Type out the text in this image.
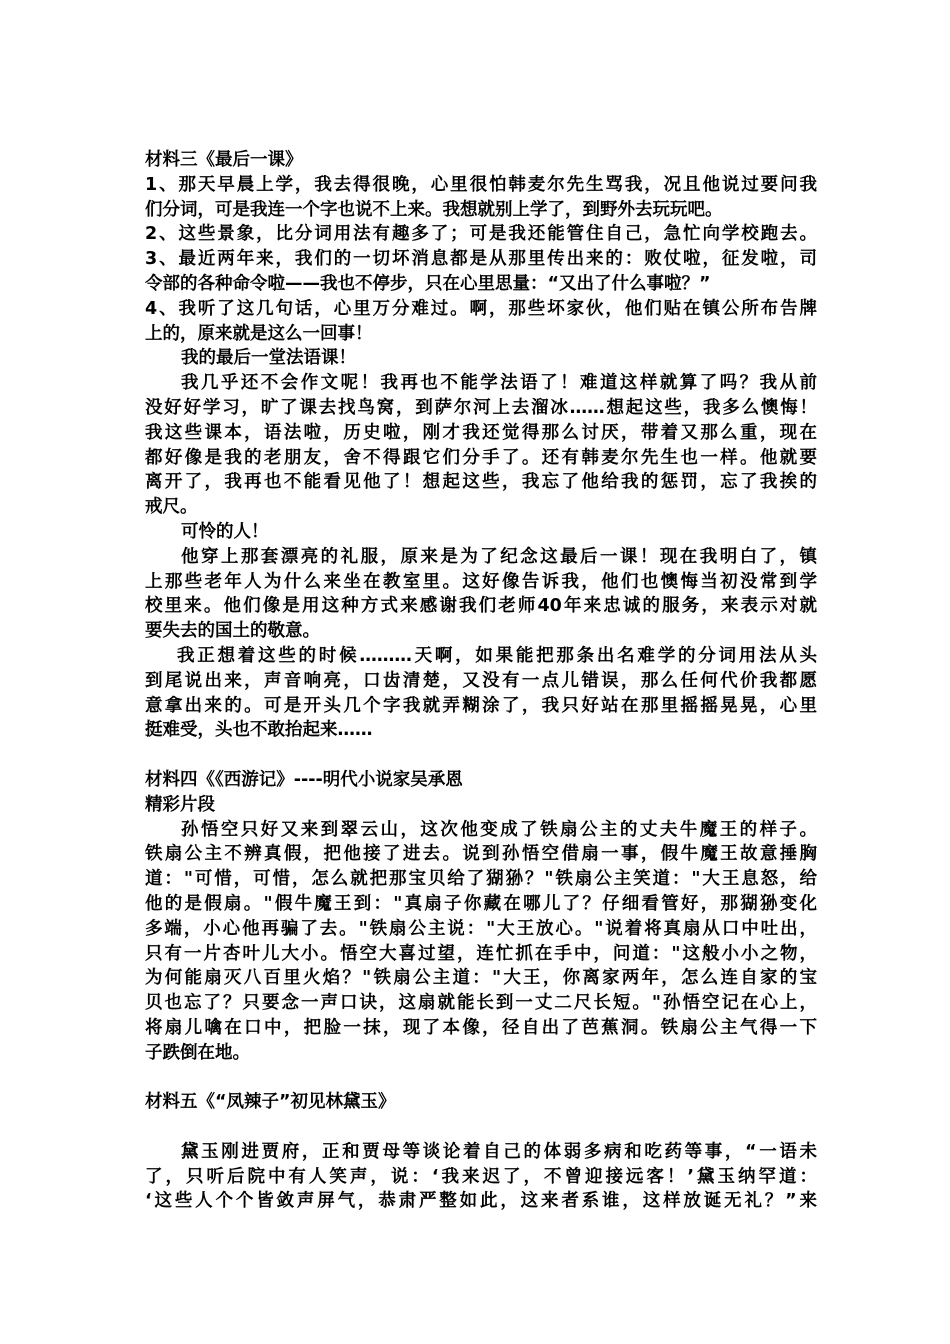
材料三《最后一课》
1、那天早晨上学，我去得很晚，心里很怕韩麦尔先生骂我，况且他说过要问我
们分词，可是我连一个字也说不上来。我想就别上学了，到野外去玩玩吧。
2、这些景象，比分词用法有趣多了；可是我还能管住自己，急忙向学校跑去。
3、最近两年来，我们的一切坏消息都是从那里传出来的：败仗啦，征发啦，司
令部的各种命令啦——我也不停步，只在心里思量：“又出了什么事啦？”
4、我听了这几句话，心里万分难过。啊，那些坏家伙，他们贴在镇公所布告牌
上的，原来就是这么一回事！
我的最后一堂法语课！
我几乎还不会作文呢！我再也不能学法语了！难道这样就算了吗？我从前
没好好学习，旷了课去找鸟窝，到萨尔河上去溜冰……想起这些，我多么懊悔！
我这些课本，语法啦，历史啦，刚才我还觉得那么讨厌，带着又那么重，现在
都好像是我的老朋友，舍不得跟它们分手了。还有韩麦尔先生也一样。他就要
离开了，我再也不能看见他了！想起这些，我忘了他给我的惩罚，忘了我挨的
戒尺。
可怜的人！
他穿上那套漂亮的礼服，原来是为了纪念这最后一课！现在我明白了，镇
上那些老年人为什么来坐在教室里。这好像告诉我，他们也懊悔当初没常到学
校里来。他们像是用这种方式来感谢我们老师40年来忠诚的服务，来表示对就
要失去的国土的敬意。
我正想着这些的时候………天啊，如果能把那条出名难学的分词用法从头
到尾说出来，声音响亮，口齿清楚，又没有一点儿错误，那么任何代价我都愿
意拿出来的。可是开头几个字我就弄糊涂了，我只好站在那里摇摇晃晃，心里
挺难受，头也不敢抬起来……
材料四《《西游记》----明代小说家吴承恩
精彩片段
孙悟空只好又来到翠云山，这次他变成了铁扇公主的丈夫牛魔王的样子。
铁扇公主不辨真假，把他接了进去。说到孙悟空借扇一事，假牛魔王故意捶胸
道："可惜，可惜，怎么就把那宝贝给了猢狲？"铁扇公主笑道："大王息怒，给
他的是假扇。"假牛魔王到："真扇子你藏在哪儿了？仔细看管好，那猢狲变化
多端，小心他再骗了去。"铁扇公主说："大王放心。"说着将真扇从口中吐出，
只有一片杏叶儿大小。悟空大喜过望，连忙抓在手中，问道："这般小小之物，
为何能扇灭八百里火焰？"铁扇公主道："大王，你离家两年，怎么连自家的宝
贝也忘了？只要念一声口诀，这扇就能长到一丈二尺长短。"孙悟空记在心上，
将扇儿噙在口中，把脸一抹，现了本像，径自出了芭蕉洞。铁扇公主气得一下
子跌倒在地。
材料五《“凤辣子”初见林黛玉》
黛玉刚进贾府，正和贾母等谈论着自己的体弱多病和吃药等事，“一语未
了，只听后院中有人笑声，说：‘我来迟了，不曾迎接远客！’黛玉纳罕道：
‘这些人个个皆敛声屏气，恭肃严整如此，这来者系谁，这样放诞无礼？”来
